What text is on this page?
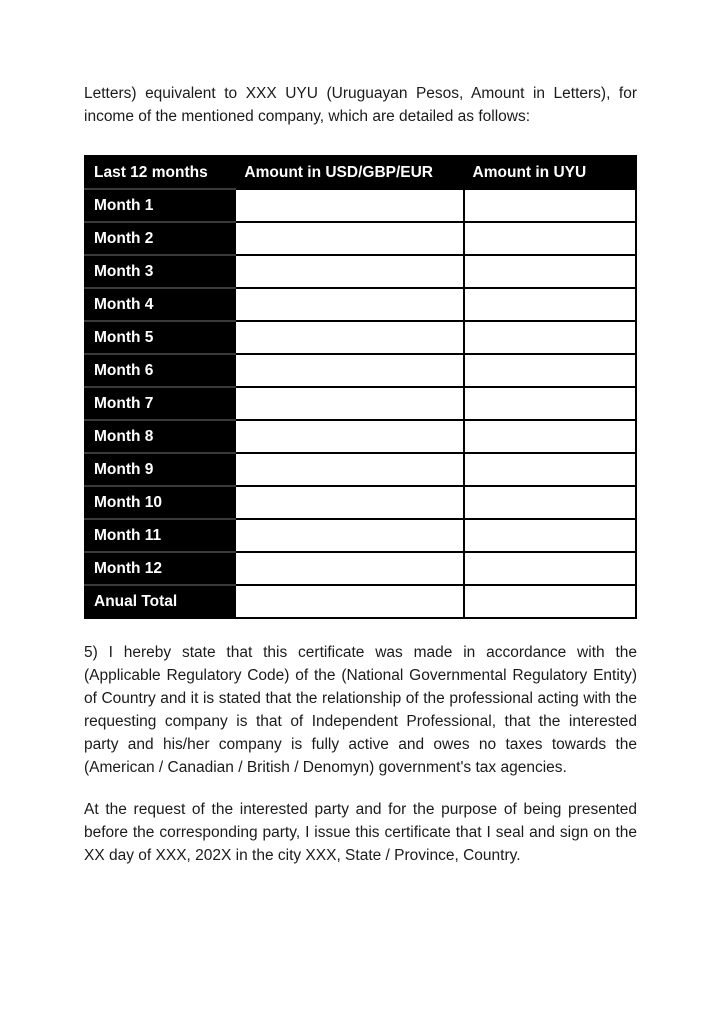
Letters) equivalent to XXX UYU (Uruguayan Pesos, Amount in Letters), for income of the mentioned company, which are detailed as follows:

Last 12 months	Amount in USD/GBP/EUR	Amount in UYU
Month 1		
Month 2		
Month 3		
Month 4		
Month 5		
Month 6		
Month 7		
Month 8		
Month 9		
Month 10		
Month 11		
Month 12		
Anual Total		

5) I hereby state that this certificate was made in accordance with the (Applicable Regulatory Code) of the (National Governmental Regulatory Entity) of Country and it is stated that the relationship of the professional acting with the requesting company is that of Independent Professional, that the interested party and his/her company is fully active and owes no taxes towards the (American / Canadian / British / Denomyn) government's tax agencies.

At the request of the interested party and for the purpose of being presented before the corresponding party, I issue this certificate that I seal and sign on the XX day of XXX, 202X in the city XXX, State / Province, Country.
